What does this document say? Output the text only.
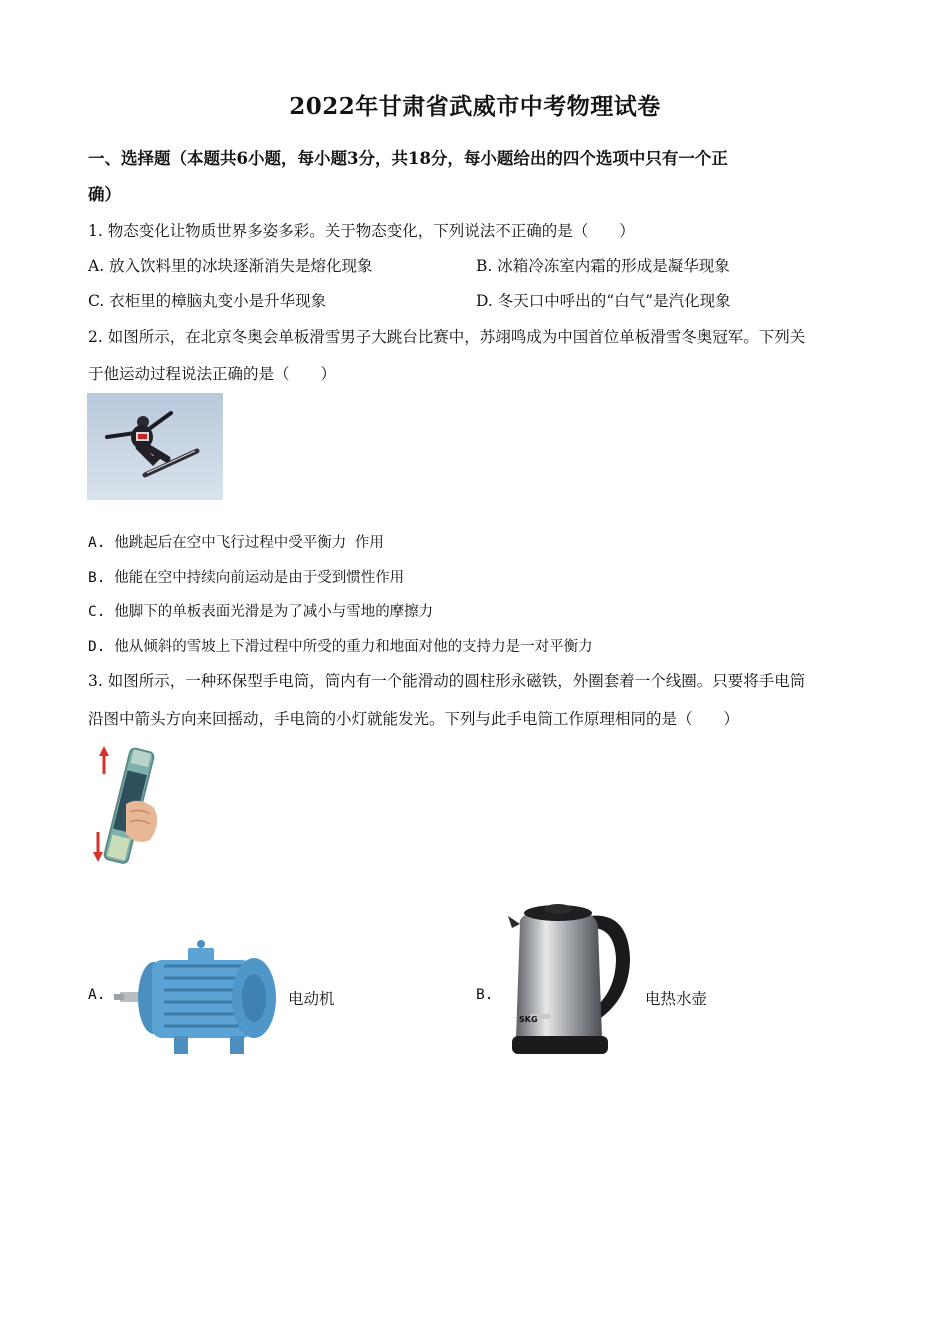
2022年甘肃省武威市中考物理试卷
一、选择题（本题共6小题，每小题3分，共18分，每小题给出的四个选项中只有一个正
确）
1. 物态变化让物质世界多姿多彩。关于物态变化，下列说法不正确的是（　　）
A. 放入饮料里的冰块逐渐消失是熔化现象	B. 冰箱冷冻室内霜的形成是凝华现象
C. 衣柜里的樟脑丸变小是升华现象	D. 冬天口中呼出的“白气”是汽化现象
2. 如图所示，在北京冬奥会单板滑雪男子大跳台比赛中，苏翊鸣成为中国首位单板滑雪冬奥冠军。下列关
于他运动过程说法正确的是（　　）
A. 他跳起后在空中飞行过程中受平衡力 作用
B. 他能在空中持续向前运动是由于受到惯性作用
C. 他脚下的单板表面光滑是为了减小与雪地的摩擦力
D. 他从倾斜的雪坡上下滑过程中所受的重力和地面对他的支持力是一对平衡力
3. 如图所示，一种环保型手电筒，筒内有一个能滑动的圆柱形永磁铁，外圈套着一个线圈。只要将手电筒
沿图中箭头方向来回摇动，手电筒的小灯就能发光。下列与此手电筒工作原理相同的是（　　）
A.	电动机	B.
SKG
电热水壶
